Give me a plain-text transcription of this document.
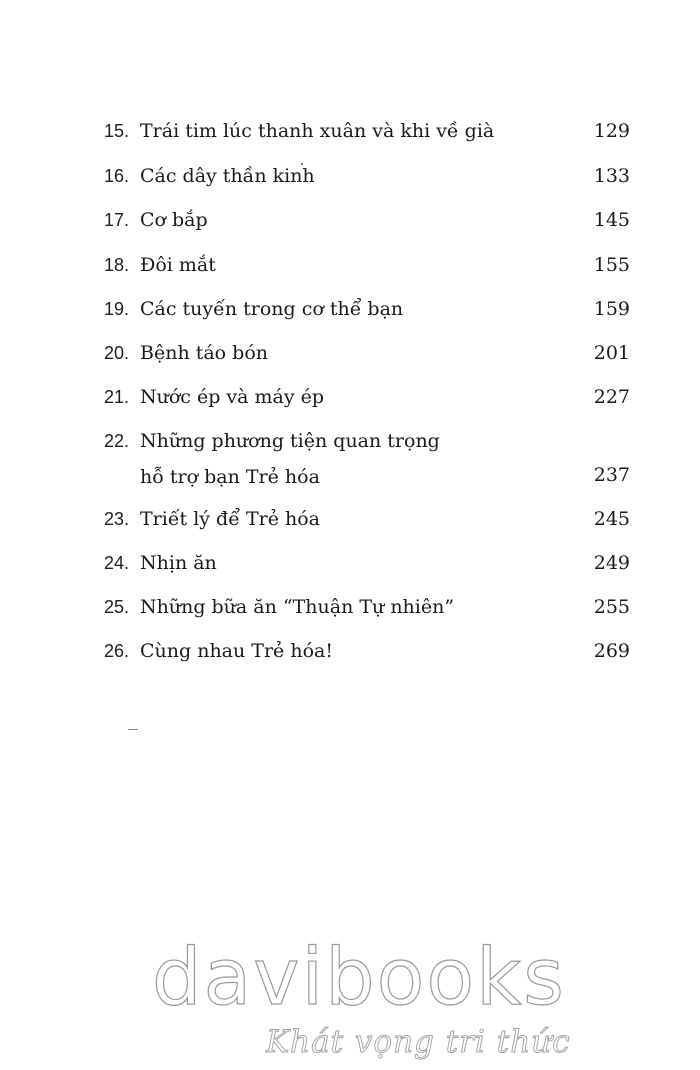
15. Trái tim lúc thanh xuân và khi về già	129
16. Các dây thần kinh	133
17. Cơ bắp	145
18. Đôi mắt	155
19. Các tuyến trong cơ thể bạn	159
20. Bệnh táo bón	201
21. Nước ép và máy ép	227
22. Những phương tiện quan trọng
hỗ trợ bạn Trẻ hóa	237
23. Triết lý để Trẻ hóa	245
24. Nhịn ăn	249
25. Những bữa ăn “Thuận Tự nhiên”	255
26. Cùng nhau Trẻ hóa!	269
davibooks
Khát vọng tri thức
